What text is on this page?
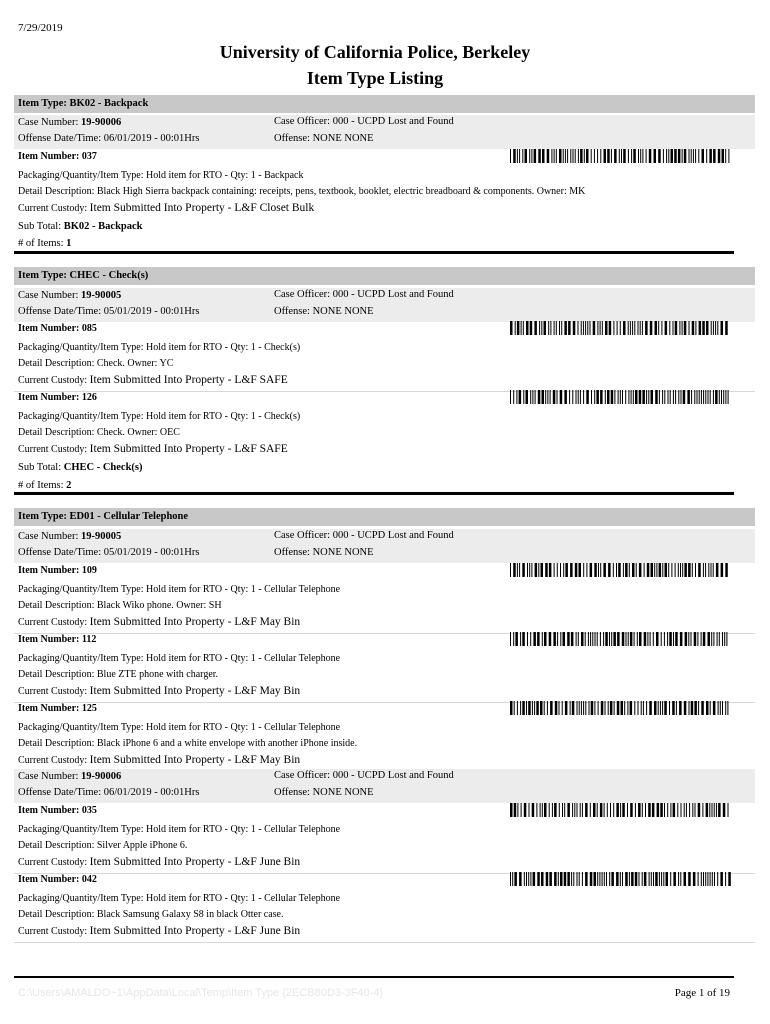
7/29/2019
University of California Police, Berkeley
Item Type Listing
Item Type: BK02 - Backpack
Case Number: 19-90006
Offense Date/Time: 06/01/2019 - 00:01Hrs
Case Officer: 000 - UCPD Lost and Found
Offense: NONE NONE
Item Number: 037
Packaging/Quantity/Item Type: Hold item for RTO - Qty: 1 - Backpack
Detail Description: Black High Sierra backpack containing: receipts, pens, textbook, booklet, electric breadboard & components. Owner: MK
Current Custody: Item Submitted Into Property - L&F Closet Bulk
Sub Total: BK02 - Backpack
# of Items: 1
Item Type: CHEC - Check(s)
Case Number: 19-90005
Offense Date/Time: 05/01/2019 - 00:01Hrs
Case Officer: 000 - UCPD Lost and Found
Offense: NONE NONE
Item Number: 085
Packaging/Quantity/Item Type: Hold item for RTO - Qty: 1 - Check(s)
Detail Description: Check. Owner: YC
Current Custody: Item Submitted Into Property - L&F SAFE
Item Number: 126
Packaging/Quantity/Item Type: Hold item for RTO - Qty: 1 - Check(s)
Detail Description: Check. Owner: OEC
Current Custody: Item Submitted Into Property - L&F SAFE
Sub Total: CHEC - Check(s)
# of Items: 2
Item Type: ED01 - Cellular Telephone
Case Number: 19-90005
Offense Date/Time: 05/01/2019 - 00:01Hrs
Case Officer: 000 - UCPD Lost and Found
Offense: NONE NONE
Item Number: 109
Packaging/Quantity/Item Type: Hold item for RTO - Qty: 1 - Cellular Telephone
Detail Description: Black Wiko phone. Owner: SH
Current Custody: Item Submitted Into Property - L&F May Bin
Item Number: 112
Packaging/Quantity/Item Type: Hold item for RTO - Qty: 1 - Cellular Telephone
Detail Description: Blue ZTE phone with charger.
Current Custody: Item Submitted Into Property - L&F May Bin
Item Number: 125
Packaging/Quantity/Item Type: Hold item for RTO - Qty: 1 - Cellular Telephone
Detail Description: Black iPhone 6 and a white envelope with another iPhone inside.
Current Custody: Item Submitted Into Property - L&F May Bin
Case Number: 19-90006
Offense Date/Time: 06/01/2019 - 00:01Hrs
Case Officer: 000 - UCPD Lost and Found
Offense: NONE NONE
Item Number: 035
Packaging/Quantity/Item Type: Hold item for RTO - Qty: 1 - Cellular Telephone
Detail Description: Silver Apple iPhone 6.
Current Custody: Item Submitted Into Property - L&F June Bin
Item Number: 042
Packaging/Quantity/Item Type: Hold item for RTO - Qty: 1 - Cellular Telephone
Detail Description: Black Samsung Galaxy S8 in black Otter case.
Current Custody: Item Submitted Into Property - L&F June Bin
C:\Users\AMALDO~1\AppData\Local\Temp\Item Type {2ECB80D3-3F40-4}	Page 1 of 19
